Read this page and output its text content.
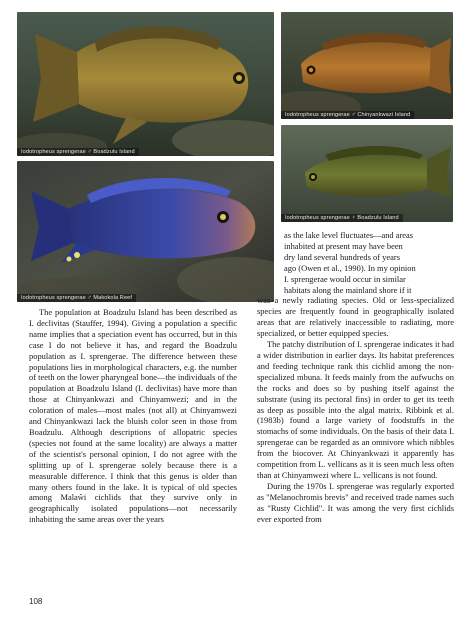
Iodotropheus sprengerae ♂ Boadzulu Island
Iodotropheus sprengerae ♂ Chinyankwazi Island
Iodotropheus sprengerae ♀ Boadzulu Island
Iodotropheus sprengerae ♂ Makokola Reef
as the lake level fluctuates—and areas
inhabited at present may have been
dry land several hundreds of years
ago (Owen et al., 1990). In my opinion
I. sprengerae would occur in similar
habitats along the mainland shore if it

was a newly radiating species. Old or less-specialized species are frequently found in geographically isolated areas that are relatively inaccessible to radiating, more specialized, or better equipped species.

The patchy distribution of I. sprengerae indicates it had a wider distribution in earlier days. Its habitat preferences and feeding technique rank this cichlid among the non-specialized mbuna. It feeds mainly from the aufwuchs on the rocks and does so by pushing itself against the substrate (using its pectoral fins) in order to get its teeth as deep as possible into the algal matrix. Ribbink et al. (1983b) found a large variety of foodstuffs in the stomachs of some individuals. On the basis of their data I. sprengerae can be regarded as an omnivore which nibbles from the biocover. At Chinyankwazi it apparently has competition from L. vellicans as it is seen much less often than at Chinyamwezi where L. vellicans is not found.

During the 1970s I. sprengerae was regularly exported as "Melanochromis brevis" and received trade names such as "Rusty Cichlid". It was among the very first cichlids ever exported from

The population at Boadzulu Island has been described as I. declivitas (Stauffer, 1994). Giving a population a specific name implies that a speciation event has occurred, but in this case I do not believe it has, and regard the Boadzulu population as I. sprengerae. The difference between these populations lies in morphological characters, e.g. the number of teeth on the lower pharyngeal bone—the individuals of the population at Boadzulu Island (I. declivitas) have more than those at Chinyankwazi and Chinyamwezi; and in the coloration of males—most males (not all) at Chinyamwezi and Chinyankwazi lack the bluish color seen in those from Boadzulu. Although descriptions of allopatric species (species not found at the same locality) are always a matter of the scientist's personal opinion, I do not agree with the splitting up of I. sprengerae solely because there is a measurable difference. I think that this genus is older than many others found in the lake. It is typical of old species among Malaŵi cichlids that they survive only in geographically isolated populations—not necessarily inhabiting the same areas over the years

108
